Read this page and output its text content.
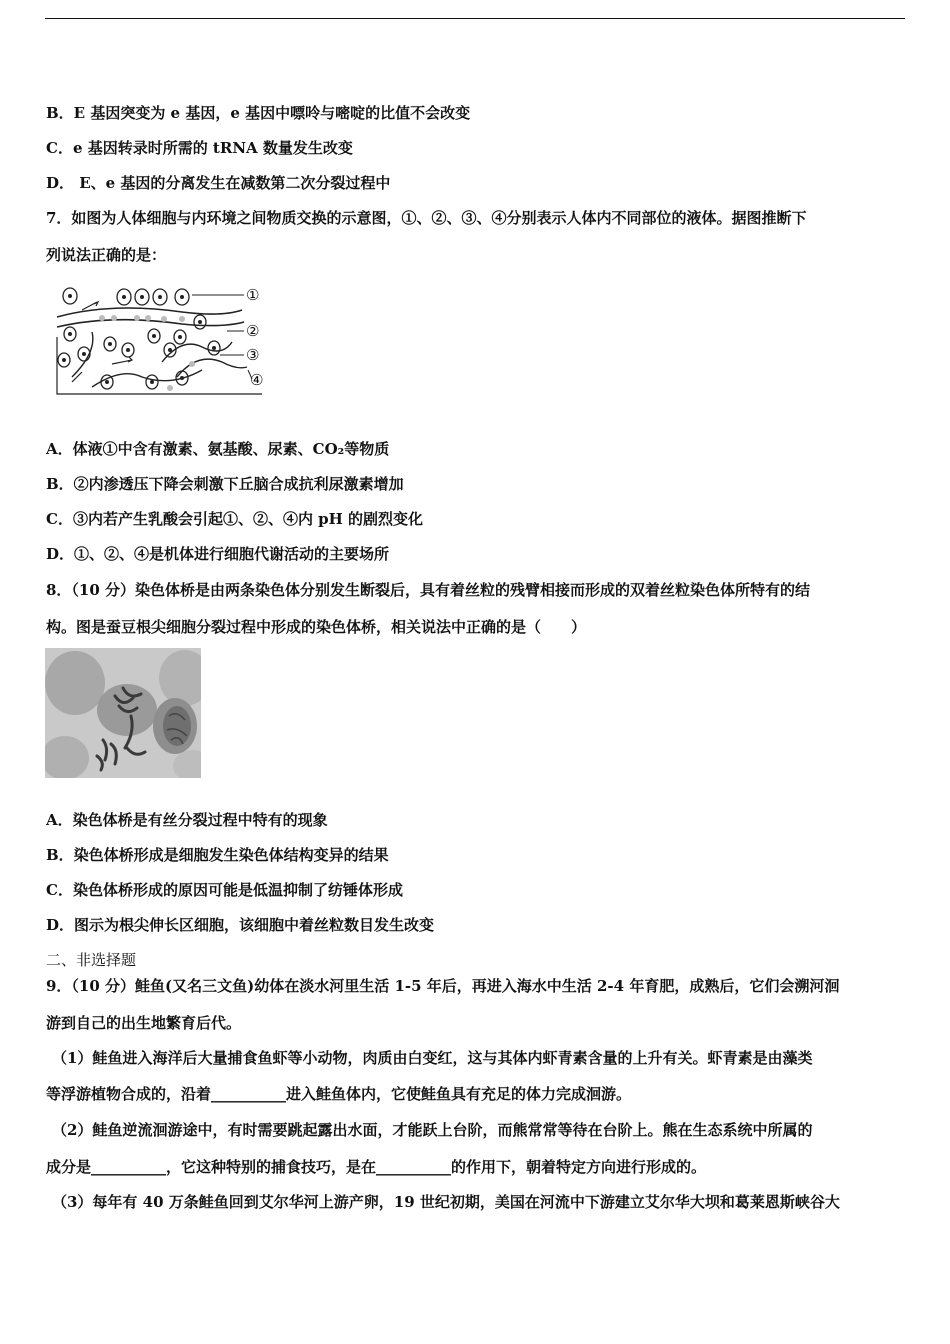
B．E 基因突变为 e 基因，e 基因中嘌呤与嘧啶的比值不会改变
C．e 基因转录时所需的 tRNA 数量发生改变
D． E、e 基因的分离发生在减数第二次分裂过程中
7．如图为人体细胞与内环境之间物质交换的示意图，①、②、③、④分别表示人体内不同部位的液体。据图推断下
列说法正确的是：
①
②
③
④
A．体液①中含有激素、氨基酸、尿素、CO₂等物质
B．②内渗透压下降会刺激下丘脑合成抗利尿激素增加
C．③内若产生乳酸会引起①、②、④内 pH 的剧烈变化
D．①、②、④是机体进行细胞代谢活动的主要场所
8．（10 分）染色体桥是由两条染色体分别发生断裂后，具有着丝粒的残臂相接而形成的双着丝粒染色体所特有的结
构。图是蚕豆根尖细胞分裂过程中形成的染色体桥，相关说法中正确的是（　　）
A．染色体桥是有丝分裂过程中特有的现象
B．染色体桥形成是细胞发生染色体结构变异的结果
C．染色体桥形成的原因可能是低温抑制了纺锤体形成
D．图示为根尖伸长区细胞，该细胞中着丝粒数目发生改变
二、非选择题
9．（10 分）鲑鱼(又名三文鱼)幼体在淡水河里生活 1-5 年后，再进入海水中生活 2-4 年育肥，成熟后，它们会溯河洄
游到自己的出生地繁育后代。
（1）鲑鱼进入海洋后大量捕食鱼虾等小动物，肉质由白变红，这与其体内虾青素含量的上升有关。虾青素是由藻类
等浮游植物合成的，沿着__________进入鲑鱼体内，它使鲑鱼具有充足的体力完成洄游。
（2）鲑鱼逆流洄游途中，有时需要跳起露出水面，才能跃上台阶，而熊常常等待在台阶上。熊在生态系统中所属的
成分是__________，它这种特别的捕食技巧，是在__________的作用下，朝着特定方向进行形成的。
（3）每年有 40 万条鲑鱼回到艾尔华河上游产卵，19 世纪初期，美国在河流中下游建立艾尔华大坝和葛莱恩斯峡谷大
